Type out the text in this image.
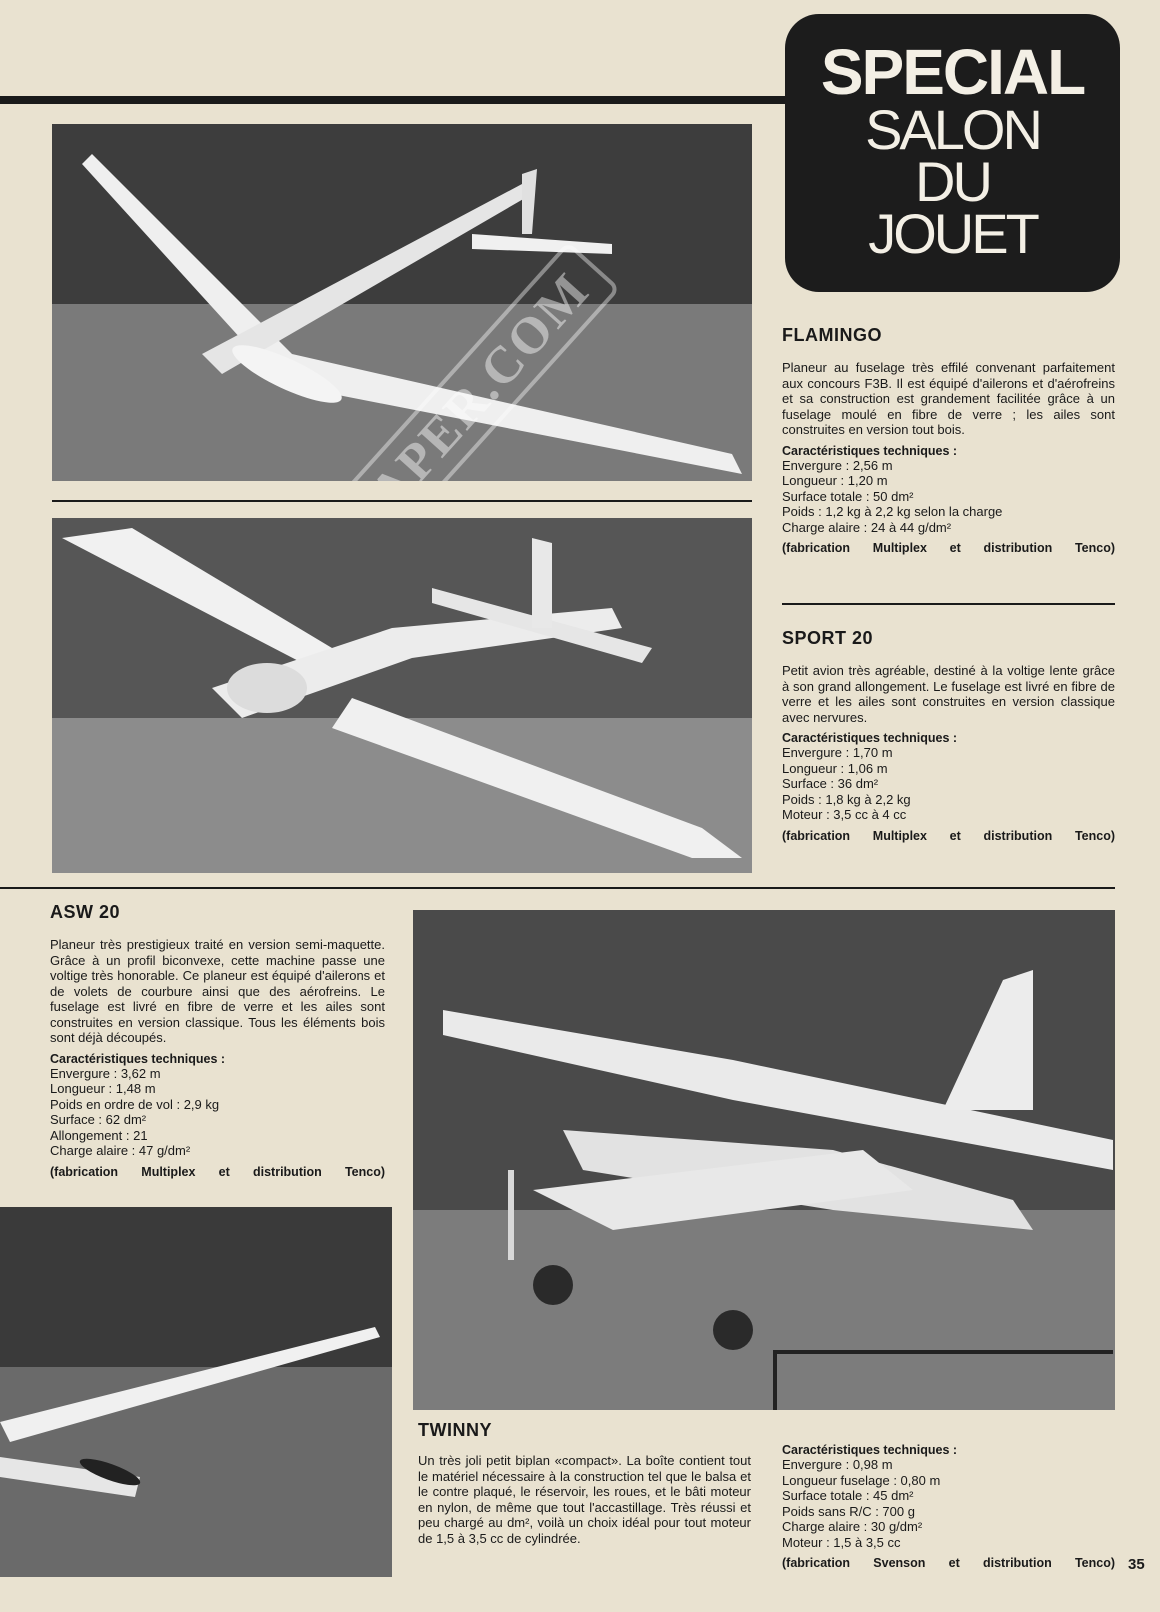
SPECIAL
SALON
DU
JOUET
FLAMINGO
Planeur au fuselage très effilé convenant parfaitement aux concours F3B. Il est équipé d'ailerons et d'aérofreins et sa construction est grandement facilitée grâce à un fuselage moulé en fibre de verre ; les ailes sont construites en version tout bois.
Caractéristiques techniques :
Envergure : 2,56 m
Longueur : 1,20 m
Surface totale : 50 dm²
Poids : 1,2 kg à 2,2 kg selon la charge
Charge alaire : 24 à 44 g/dm²
(fabrication Multiplex et distribution Tenco)
SPORT 20
Petit avion très agréable, destiné à la voltige lente grâce à son grand allongement. Le fuselage est livré en fibre de verre et les ailes sont construites en version classique avec nervures.
Caractéristiques techniques :
Envergure : 1,70 m
Longueur : 1,06 m
Surface : 36 dm²
Poids : 1,8 kg à 2,2 kg
Moteur : 3,5 cc à 4 cc
(fabrication Multiplex et distribution Tenco)
ASW 20
Planeur très prestigieux traité en version semi-maquette. Grâce à un profil biconvexe, cette machine passe une voltige très honorable. Ce planeur est équipé d'ailerons et de volets de courbure ainsi que des aérofreins. Le fuselage est livré en fibre de verre et les ailes sont construites en version classique. Tous les éléments bois sont déjà découpés.
Caractéristiques techniques :
Envergure : 3,62 m
Longueur : 1,48 m
Poids en ordre de vol : 2,9 kg
Surface : 62 dm²
Allongement : 21
Charge alaire : 47 g/dm²
(fabrication Multiplex et distribution Tenco)
TWINNY
Un très joli petit biplan «compact». La boîte contient tout le matériel nécessaire à la construction tel que le balsa et le contre plaqué, le réservoir, les roues, et le bâti moteur en nylon, de même que tout l'accastillage. Très réussi et peu chargé au dm², voilà un choix idéal pour tout moteur de 1,5 à 3,5 cc de cylindrée.
Caractéristiques techniques :
Envergure : 0,98 m
Longueur fuselage : 0,80 m
Surface totale : 45 dm²
Poids sans R/C : 700 g
Charge alaire : 30 g/dm²
Moteur : 1,5 à 3,5 cc
(fabrication Svenson et distribution Tenco) 35
